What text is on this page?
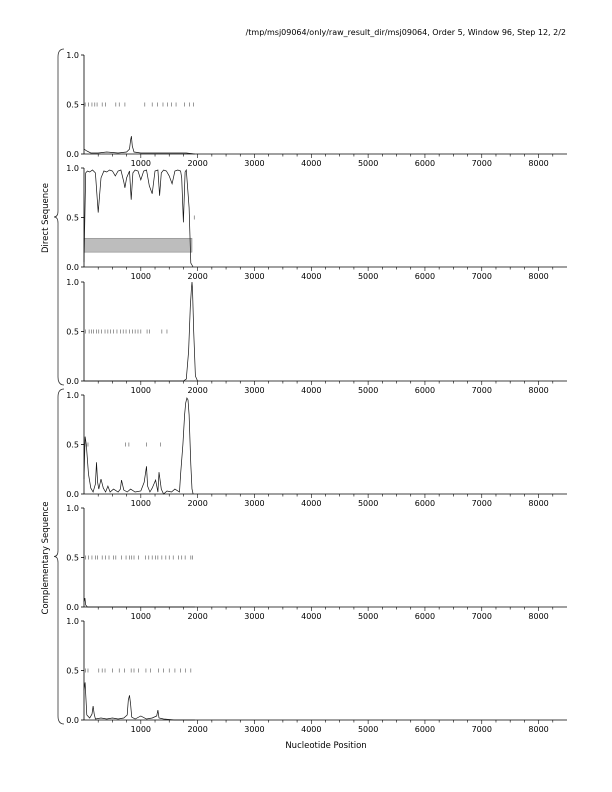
/tmp/msj09064/only/raw_result_dir/msj09064, Order 5, Window 96, Step 12, 2/2
0.0
0.5
1.0
1000	2000	3000	4000	5000	6000	7000	8000
0.0
0.5
1.0
1000	2000	3000	4000	5000	6000	7000	8000
0.0
0.5
1.0
1000	2000	3000	4000	5000	6000	7000	8000
0.0
0.5
1.0
1000	2000	3000	4000	5000	6000	7000	8000
0.0
0.5
1.0
1000	2000	3000	4000	5000	6000	7000	8000
0.0
0.5
1.0
1000	2000	3000	4000	5000	6000	7000	8000
Direct Sequence
Complementary Sequence
Nucleotide Position
